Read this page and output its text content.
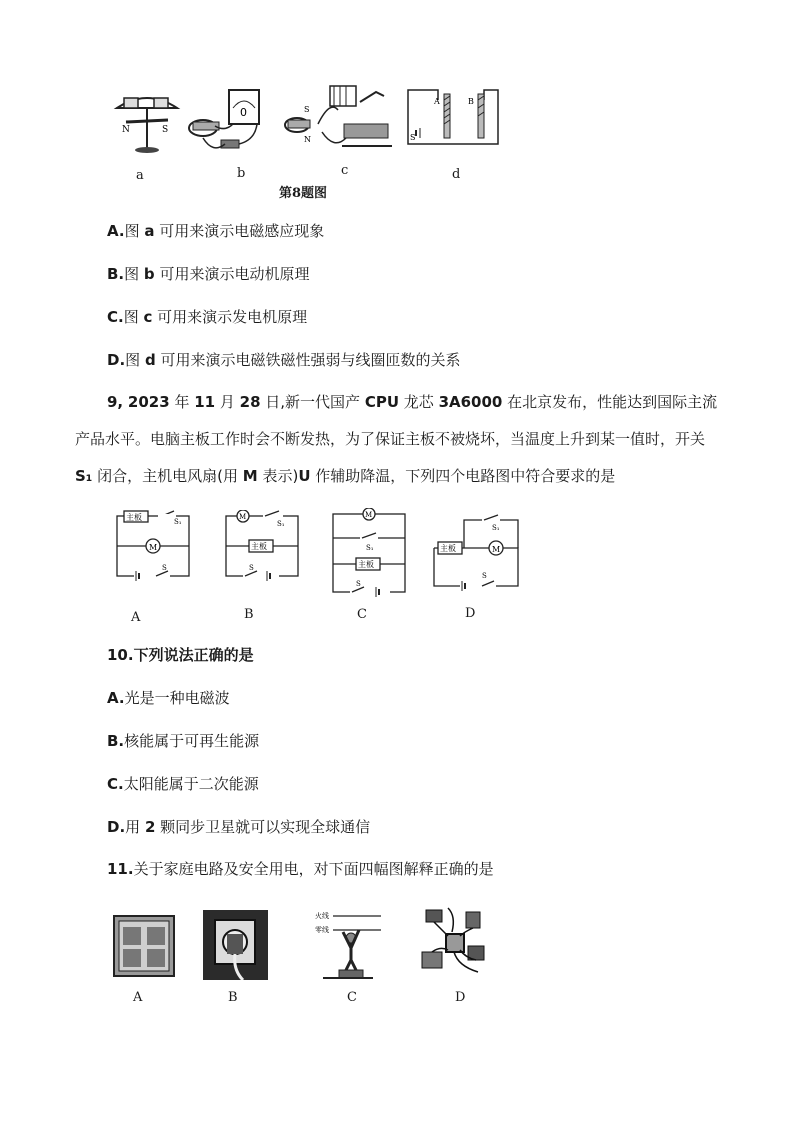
N	S
0	S
N
A	B
S
a	b	c	d
第8题图
A.图 a 可用来演示电磁感应现象
B.图 b 可用来演示电动机原理
C.图 c 可用来演示发电机原理
D.图 d 可用来演示电磁铁磁性强弱与线圈匝数的关系
9, 2023 年 11 月 28 日,新一代国产 CPU 龙芯 3A6000 在北京发布，性能达到国际主流产品水平。电脑主板工作时会不断发热，为了保证主板不被烧坏，当温度上升到某一值时，开关 S₁ 闭合，主机电风扇(用 M 表示)U 作辅助降温，下列四个电路图中符合要求的是
主板	S₁
M
S
M
S₁
主板
S
M
S₁
主板
S
主板	M
S₁
S
A	B	C	D
10.下列说法正确的是
A.光是一种电磁波
B.核能属于可再生能源
C.太阳能属于二次能源
D.用 2 颗同步卫星就可以实现全球通信
11.关于家庭电路及安全用电，对下面四幅图解释正确的是
火线
零线
A	B	C	D
